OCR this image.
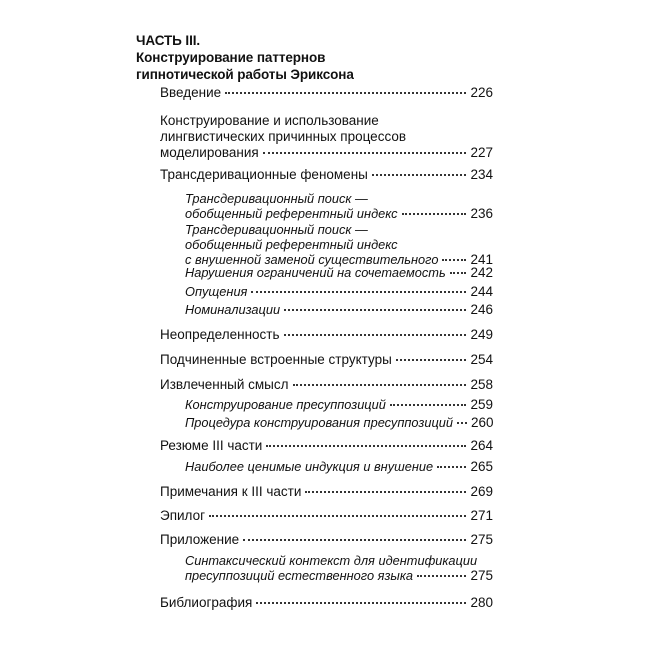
ЧАСТЬ III.
Конструирование паттернов
гипнотической работы Эриксона
Введение	226
Конструирование и использование
лингвистических причинных процессов
моделирования	227
Трансдеривационные феномены	234
Трансдеривационный поиск —
обобщенный референтный индекс	236
Трансдеривационный поиск —
обобщенный референтный индекс
с внушенной заменой существительного 241
Нарушения ограничений на сочетаемость 242
Опущения	244
Номинализации	246
Неопределенность	249
Подчиненные встроенные структуры	254
Извлеченный смысл	258
Конструирование пресуппозиций	259
Процедура конструирования пресуппозиций 260
Резюме III части	264
Наиболее ценимые индукция и внушение	265
Примечания к III части	269
Эпилог	271
Приложение	275
Синтаксический контекст для идентификации
пресуппозиций естественного языка	275
Библиография	280
